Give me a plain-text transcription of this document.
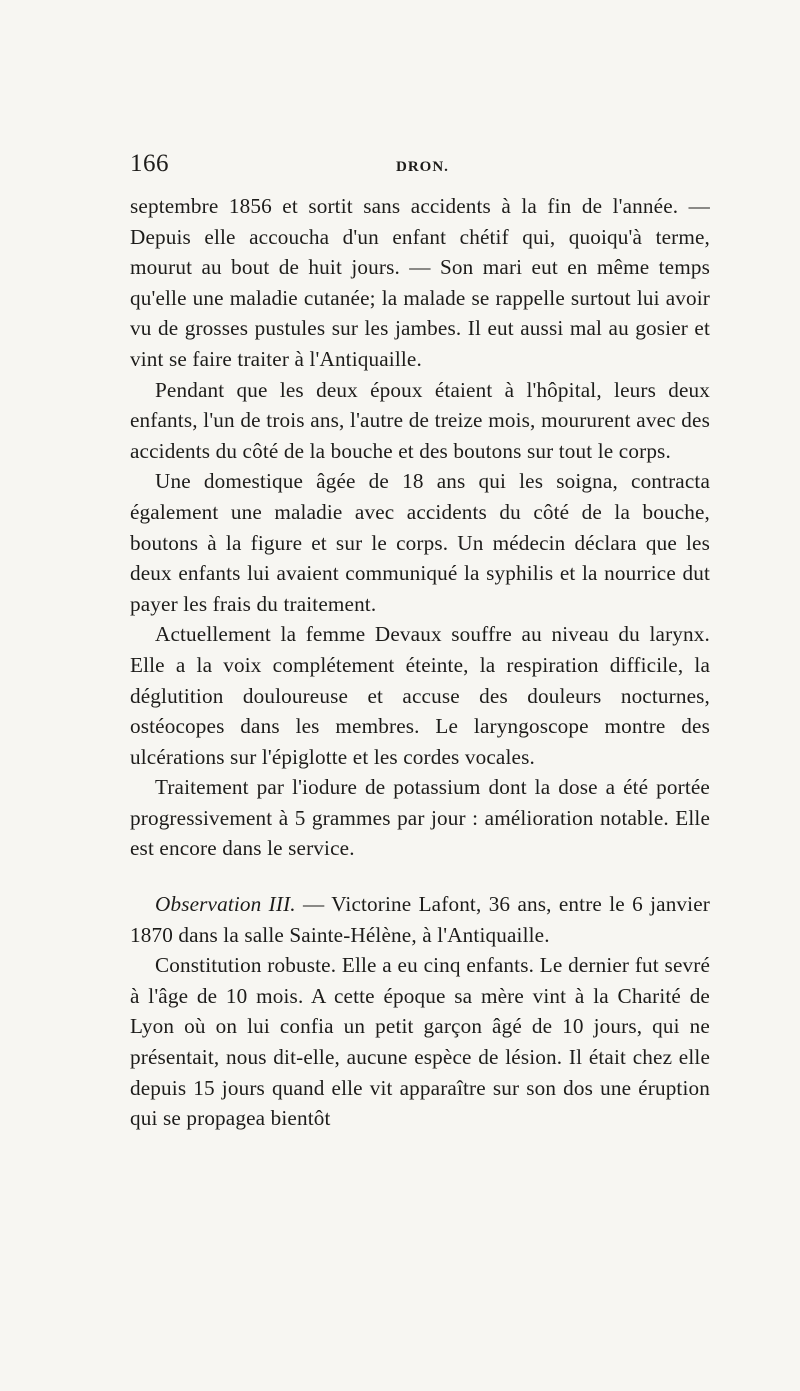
166	DRON.

septembre 1856 et sortit sans accidents à la fin de l'année. — Depuis elle accoucha d'un enfant chétif qui, quoiqu'à terme, mourut au bout de huit jours. — Son mari eut en même temps qu'elle une maladie cutanée; la malade se rappelle surtout lui avoir vu de grosses pustules sur les jambes. Il eut aussi mal au gosier et vint se faire traiter à l'Antiquaille.

Pendant que les deux époux étaient à l'hôpital, leurs deux enfants, l'un de trois ans, l'autre de treize mois, moururent avec des accidents du côté de la bouche et des boutons sur tout le corps.

Une domestique âgée de 18 ans qui les soigna, contracta également une maladie avec accidents du côté de la bouche, boutons à la figure et sur le corps. Un médecin déclara que les deux enfants lui avaient communiqué la syphilis et la nourrice dut payer les frais du traitement.

Actuellement la femme Devaux souffre au niveau du larynx. Elle a la voix complétement éteinte, la respiration difficile, la déglutition douloureuse et accuse des douleurs nocturnes, ostéocopes dans les membres. Le laryngoscope montre des ulcérations sur l'épiglotte et les cordes vocales.

Traitement par l'iodure de potassium dont la dose a été portée progressivement à 5 grammes par jour : amélioration notable. Elle est encore dans le service.

Observation III. — Victorine Lafont, 36 ans, entre le 6 janvier 1870 dans la salle Sainte-Hélène, à l'Antiquaille.

Constitution robuste. Elle a eu cinq enfants. Le dernier fut sevré à l'âge de 10 mois. A cette époque sa mère vint à la Charité de Lyon où on lui confia un petit garçon âgé de 10 jours, qui ne présentait, nous dit-elle, aucune espèce de lésion. Il était chez elle depuis 15 jours quand elle vit apparaître sur son dos une éruption qui se propagea bientôt
